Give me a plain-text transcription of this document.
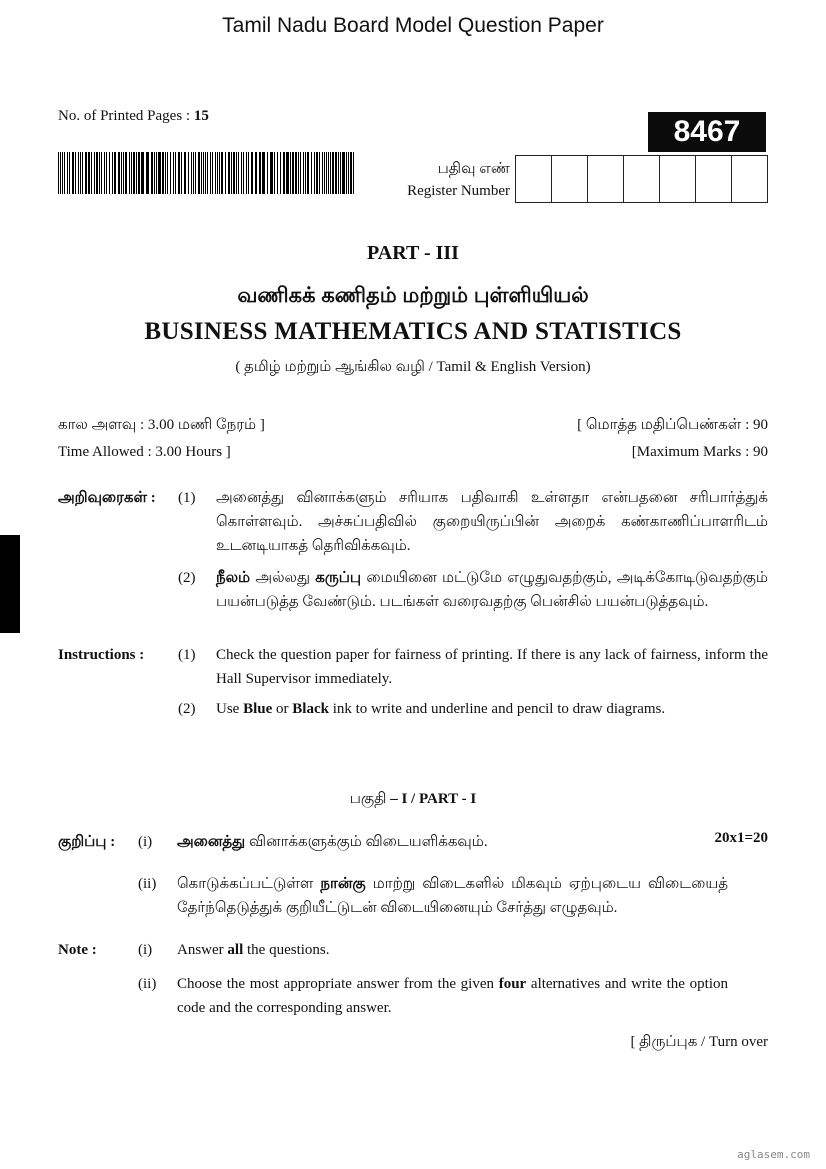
Tamil Nadu Board Model Question Paper
No. of Printed Pages : 15	8467
பதிவு எண்
Register Number
PART - III
வணிகக் கணிதம் மற்றும் புள்ளியியல்
BUSINESS MATHEMATICS AND STATISTICS
( தமிழ் மற்றும் ஆங்கில வழி / Tamil & English Version)
கால அளவு : 3.00 மணி நேரம் ]	[ மொத்த மதிப்பெண்கள் : 90
Time Allowed : 3.00 Hours ]	[Maximum Marks : 90
அறிவுரைகள் : (1) அனைத்து வினாக்களும் சரியாக பதிவாகி உள்ளதா என்பதனை சரிபார்த்துக் கொள்ளவும். அச்சுப்பதிவில் குறையிருப்பின் அறைக் கண்காணிப்பாளரிடம் உடனடியாகத் தெரிவிக்கவும்.
(2) நீலம் அல்லது கருப்பு மையினை மட்டுமே எழுதுவதற்கும், அடிக்கோடிடுவதற்கும் பயன்படுத்த வேண்டும். படங்கள் வரைவதற்கு பென்சில் பயன்படுத்தவும்.
Instructions : (1) Check the question paper for fairness of printing. If there is any lack of fairness, inform the Hall Supervisor immediately.
(2) Use Blue or Black ink to write and underline and pencil to draw diagrams.
பகுதி – I / PART - I
குறிப்பு : (i) அனைத்து வினாக்களுக்கும் விடையளிக்கவும்.	20x1=20
(ii) கொடுக்கப்பட்டுள்ள நான்கு மாற்று விடைகளில் மிகவும் ஏற்புடைய விடையைத் தேர்ந்தெடுத்துக் குறியீட்டுடன் விடையினையும் சேர்த்து எழுதவும்.
Note :	(i) Answer all the questions.
(ii) Choose the most appropriate answer from the given four alternatives and write the option code and the corresponding answer.
[ திருப்புக / Turn over
aglasem.com
